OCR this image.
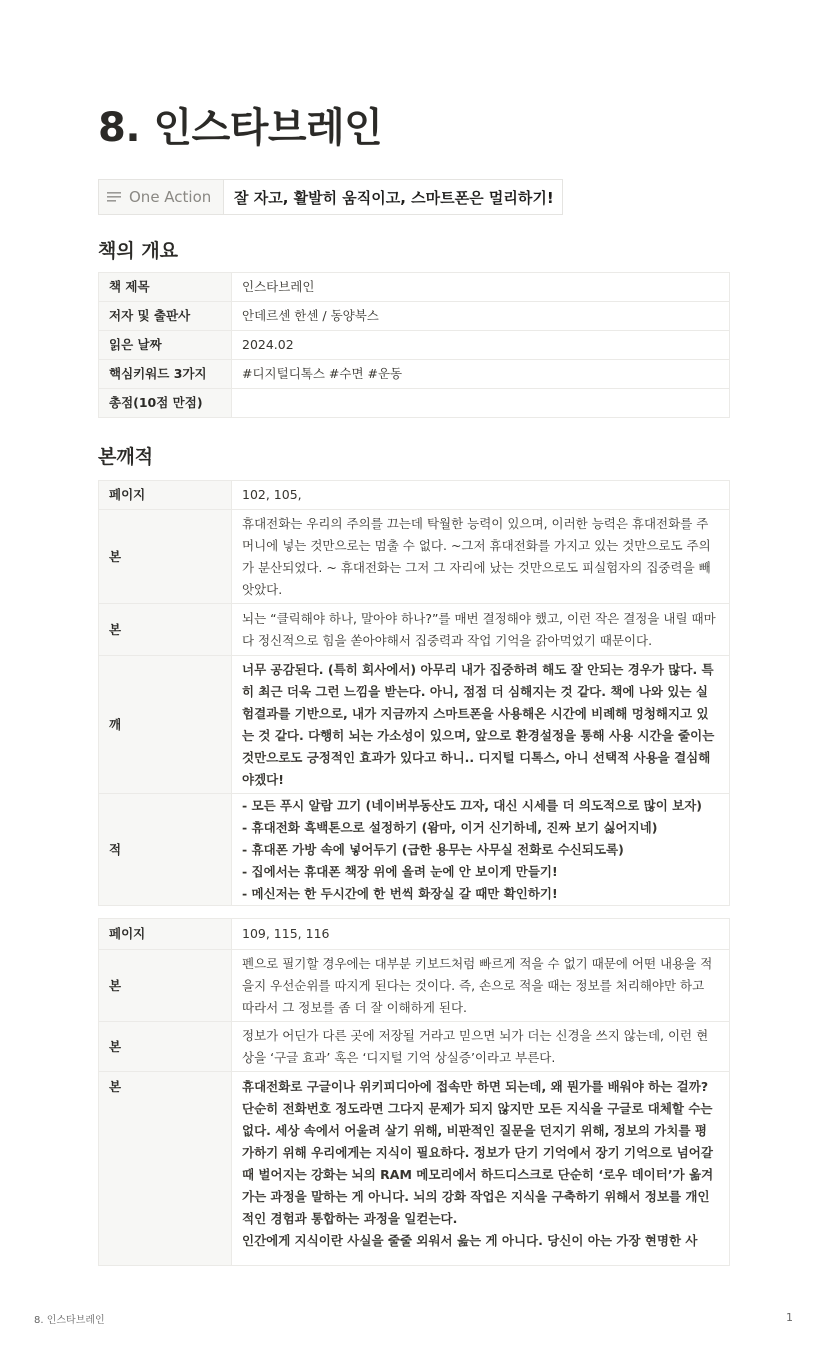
8. 인스타브레인
One Action	잘 자고, 활발히 움직이고, 스마트폰은 멀리하기!
책의 개요
책 제목	인스타브레인
저자 및 출판사	안데르센 한센 / 동양북스
읽은 날짜	2024.02
핵심키워드 3가지	#디지털디톡스 #수면 #운동
총점(10점 만점)	
본깨적
페이지	102, 105,
본	휴대전화는 우리의 주의를 끄는데 탁월한 능력이 있으며, 이러한 능력은 휴대전화를 주머니에 넣는 것만으로는 멈출 수 없다. ~그저 휴대전화를 가지고 있는 것만으로도 주의가 분산되었다. ~ 휴대전화는 그저 그 자리에 났는 것만으로도 피실험자의 집중력을 빼앗았다.
본	뇌는 “클릭해야 하나, 말아야 하나?”를 매번 결정해야 했고, 이런 작은 결정을 내릴 때마다 정신적으로 힘을 쏟아야해서 집중력과 작업 기억을 갉아먹었기 때문이다.
깨	너무 공감된다. (특히 회사에서) 아무리 내가 집중하려 해도 잘 안되는 경우가 많다. 특히 최근 더욱 그런 느낌을 받는다. 아니, 점점 더 심해지는 것 같다. 책에 나와 있는 실험결과를 기반으로, 내가 지금까지 스마트폰을 사용해온 시간에 비례해 멍청해지고 있는 것 같다. 다행히 뇌는 가소성이 있으며, 앞으로 환경설정을 통해 사용 시간을 줄이는 것만으로도 긍정적인 효과가 있다고 하니.. 디지털 디톡스, 아니 선택적 사용을 결심해야겠다!
적	- 모든 푸시 알람 끄기 (네이버부동산도 끄자, 대신 시세를 더 의도적으로 많이 보자)
- 휴대전화 흑백톤으로 설정하기 (왐마, 이거 신기하네, 진짜 보기 싫어지네)
- 휴대폰 가방 속에 넣어두기 (급한 용무는 사무실 전화로 수신되도록)
- 집에서는 휴대폰 책장 위에 올려 눈에 안 보이게 만들기!
- 메신저는 한 두시간에 한 번씩 화장실 갈 때만 확인하기!
페이지	109, 115, 116
본	펜으로 필기할 경우에는 대부분 키보드처럼 빠르게 적을 수 없기 때문에 어떤 내용을 적을지 우선순위를 따지게 된다는 것이다. 즉, 손으로 적을 때는 정보를 처리해야만 하고 따라서 그 정보를 좀 더 잘 이해하게 된다.
본	정보가 어딘가 다른 곳에 저장될 거라고 믿으면 뇌가 더는 신경을 쓰지 않는데, 이런 현상을 ‘구글 효과’ 혹은 ‘디지털 기억 상실증’이라고 부른다.
본	휴대전화로 구글이나 위키피디아에 접속만 하면 되는데, 왜 뭔가를 배워야 하는 걸까? 단순히 전화번호 정도라면 그다지 문제가 되지 않지만 모든 지식을 구글로 대체할 수는 없다. 세상 속에서 어울려 살기 위해, 비판적인 질문을 던지기 위해, 정보의 가치를 평가하기 위해 우리에게는 지식이 필요하다. 정보가 단기 기억에서 장기 기억으로 넘어갈 때 벌어지는 강화는 뇌의 RAM 메모리에서 하드디스크로 단순히 ‘로우 데이터’가 옮겨가는 과정을 말하는 게 아니다. 뇌의 강화 작업은 지식을 구축하기 위해서 정보를 개인적인 경험과 통합하는 과정을 일컫는다.
인간에게 지식이란 사실을 줄줄 외워서 읊는 게 아니다. 당신이 아는 가장 현명한 사
8. 인스타브레인	1
